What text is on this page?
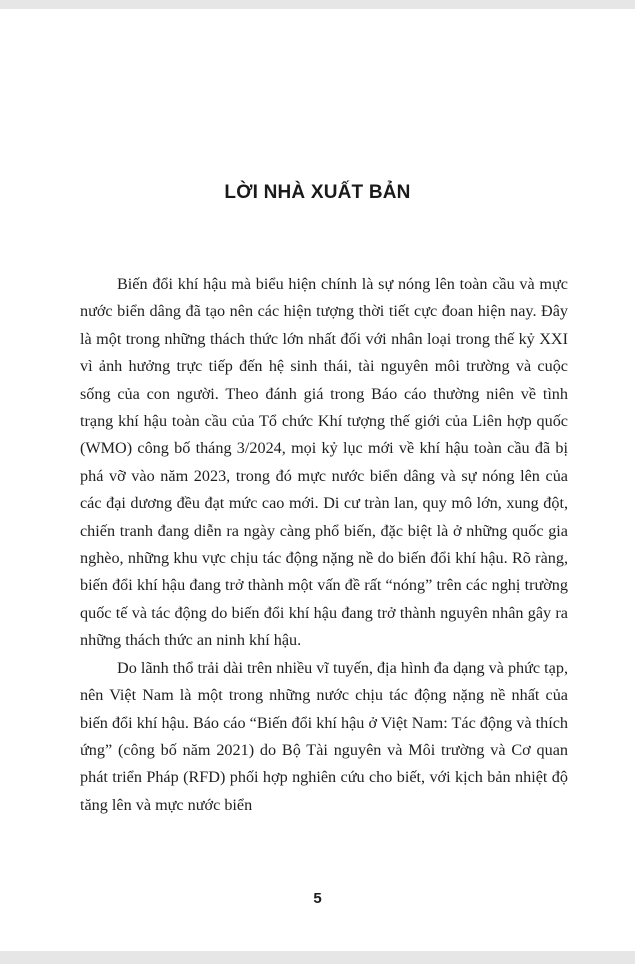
LỜI NHÀ XUẤT BẢN

Biến đổi khí hậu mà biểu hiện chính là sự nóng lên toàn cầu và mực nước biển dâng đã tạo nên các hiện tượng thời tiết cực đoan hiện nay. Đây là một trong những thách thức lớn nhất đối với nhân loại trong thế kỷ XXI vì ảnh hưởng trực tiếp đến hệ sinh thái, tài nguyên môi trường và cuộc sống của con người. Theo đánh giá trong Báo cáo thường niên về tình trạng khí hậu toàn cầu của Tổ chức Khí tượng thế giới của Liên hợp quốc (WMO) công bố tháng 3/2024, mọi kỷ lục mới về khí hậu toàn cầu đã bị phá vỡ vào năm 2023, trong đó mực nước biển dâng và sự nóng lên của các đại dương đều đạt mức cao mới. Di cư tràn lan, quy mô lớn, xung đột, chiến tranh đang diễn ra ngày càng phổ biến, đặc biệt là ở những quốc gia nghèo, những khu vực chịu tác động nặng nề do biến đổi khí hậu. Rõ ràng, biến đổi khí hậu đang trở thành một vấn đề rất “nóng” trên các nghị trường quốc tế và tác động do biến đổi khí hậu đang trở thành nguyên nhân gây ra những thách thức an ninh khí hậu.

Do lãnh thổ trải dài trên nhiều vĩ tuyến, địa hình đa dạng và phức tạp, nên Việt Nam là một trong những nước chịu tác động nặng nề nhất của biến đổi khí hậu. Báo cáo “Biến đổi khí hậu ở Việt Nam: Tác động và thích ứng” (công bố năm 2021) do Bộ Tài nguyên và Môi trường và Cơ quan phát triển Pháp (RFD) phối hợp nghiên cứu cho biết, với kịch bản nhiệt độ tăng lên và mực nước biển

5
